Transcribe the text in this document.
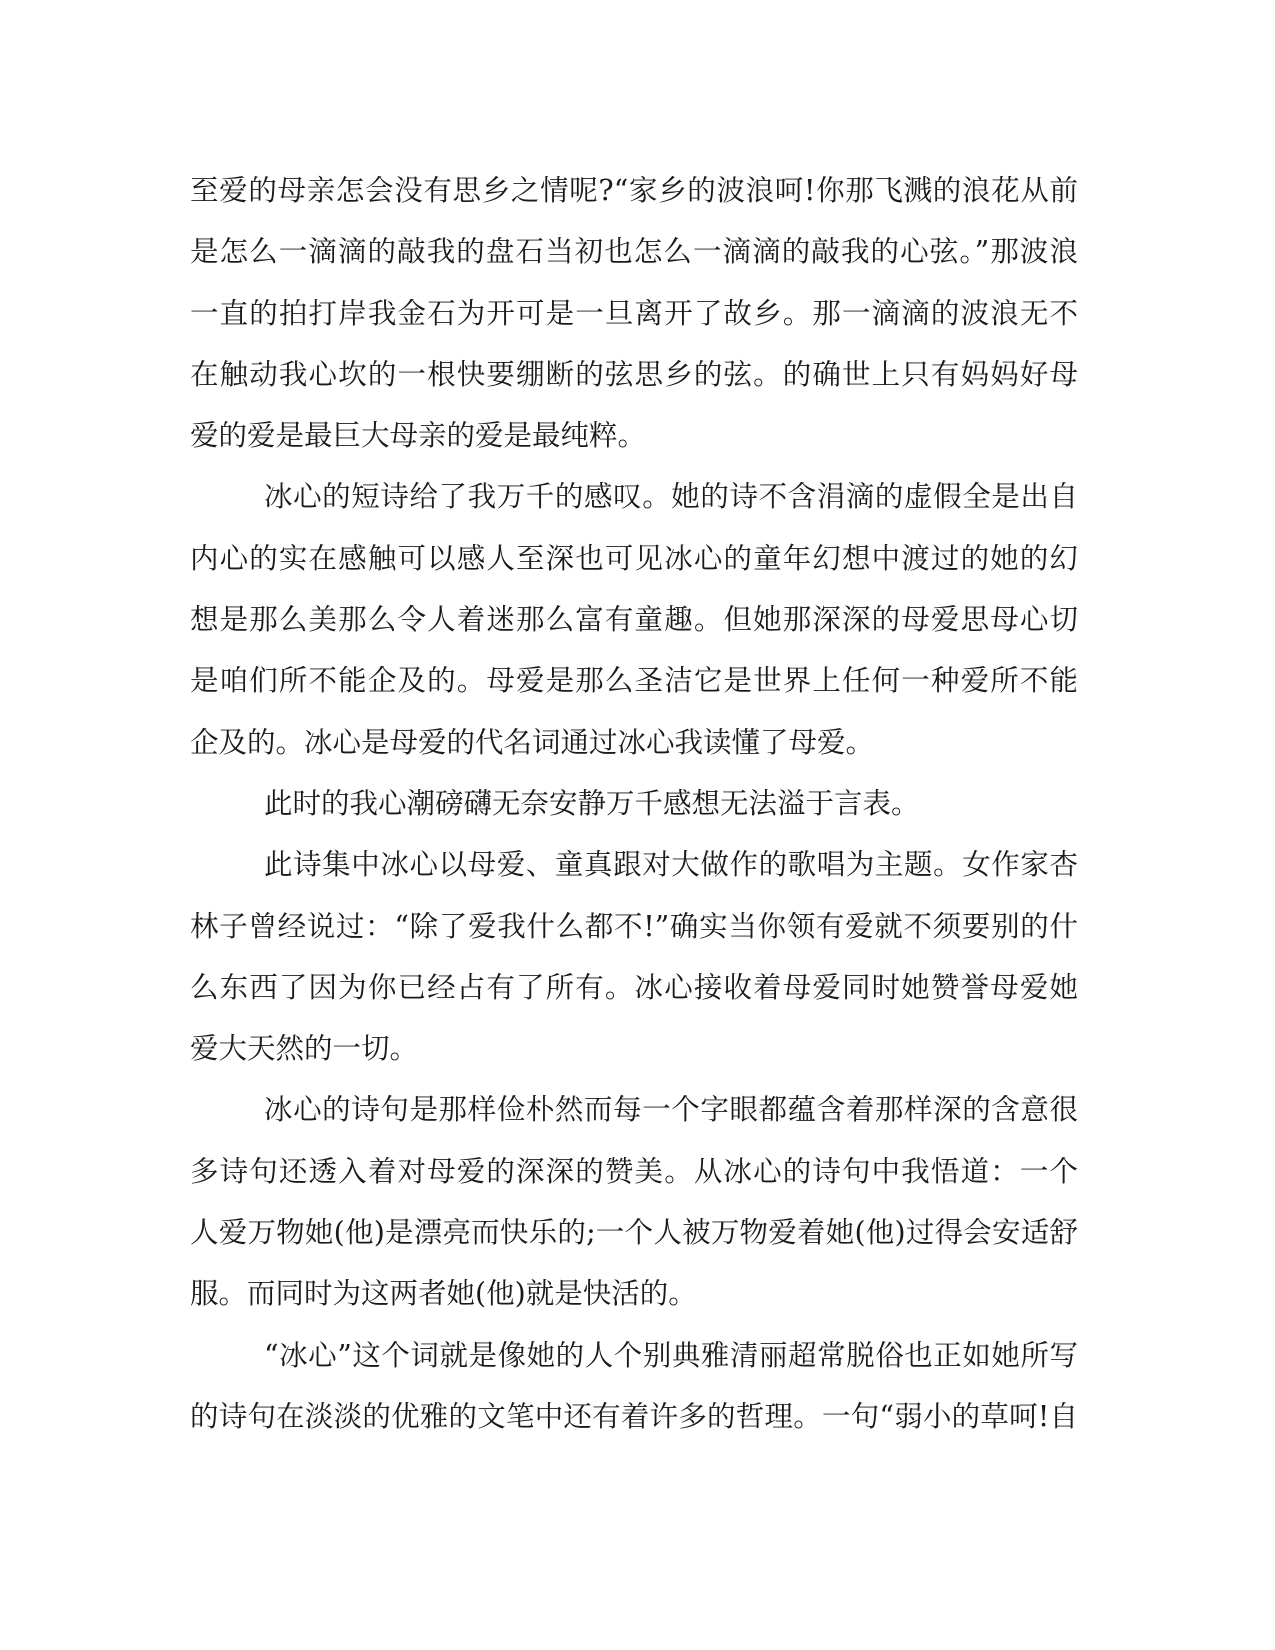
至爱的母亲怎会没有思乡之情呢?“家乡的波浪呵!你那飞溅的浪花从前
是怎么一滴滴的敲我的盘石当初也怎么一滴滴的敲我的心弦。”那波浪
一直的拍打岸我金石为开可是一旦离开了故乡。那一滴滴的波浪无不
在触动我心坎的一根快要绷断的弦思乡的弦。的确世上只有妈妈好母
爱的爱是最巨大母亲的爱是最纯粹。
冰心的短诗给了我万千的感叹。她的诗不含涓滴的虚假全是出自
内心的实在感触可以感人至深也可见冰心的童年幻想中渡过的她的幻
想是那么美那么令人着迷那么富有童趣。但她那深深的母爱思母心切
是咱们所不能企及的。母爱是那么圣洁它是世界上任何一种爱所不能
企及的。冰心是母爱的代名词通过冰心我读懂了母爱。
此时的我心潮磅礴无奈安静万千感想无法溢于言表。
此诗集中冰心以母爱、童真跟对大做作的歌唱为主题。女作家杏
林子曾经说过：“除了爱我什么都不!”确实当你领有爱就不须要别的什
么东西了因为你已经占有了所有。冰心接收着母爱同时她赞誉母爱她
爱大天然的一切。
冰心的诗句是那样俭朴然而每一个字眼都蕴含着那样深的含意很
多诗句还透入着对母爱的深深的赞美。从冰心的诗句中我悟道：一个
人爱万物她(他)是漂亮而快乐的;一个人被万物爱着她(他)过得会安适舒
服。而同时为这两者她(他)就是快活的。
“冰心”这个词就是像她的人个别典雅清丽超常脱俗也正如她所写
的诗句在淡淡的优雅的文笔中还有着许多的哲理。一句“弱小的草呵!自
